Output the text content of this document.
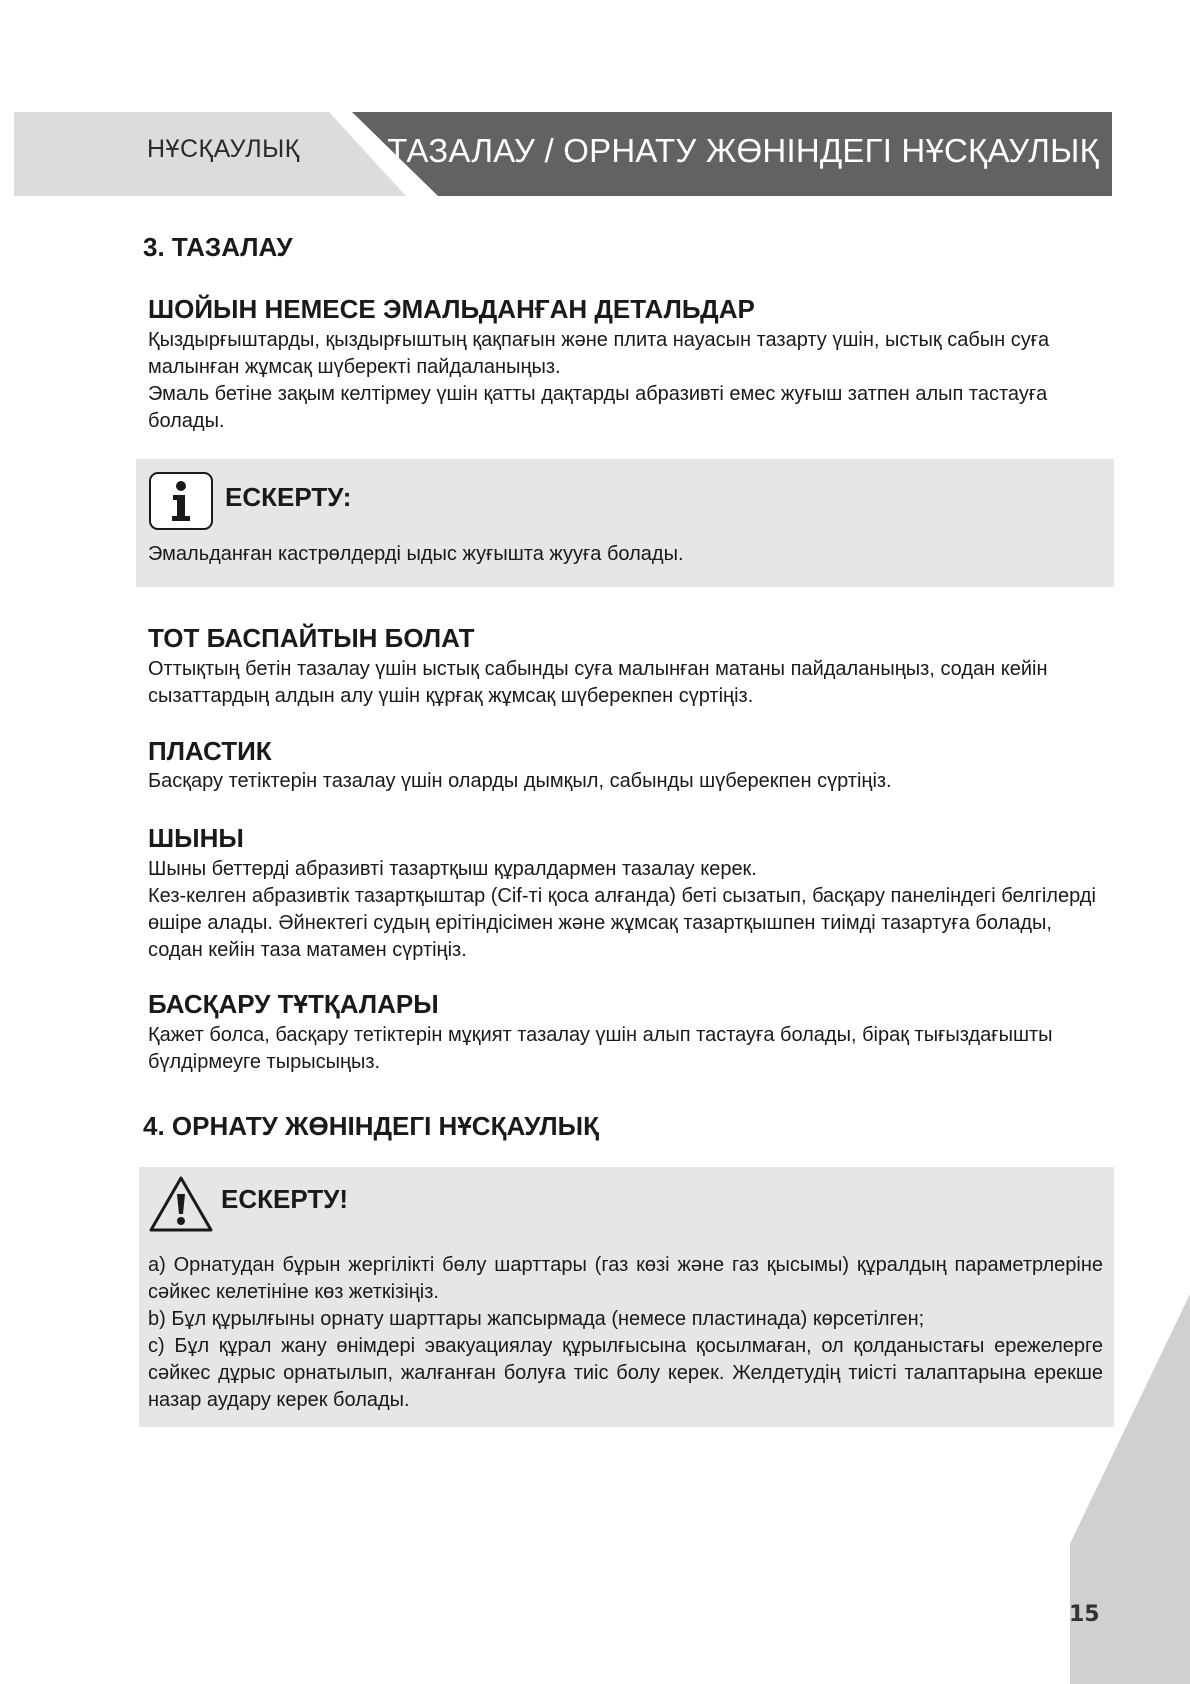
НҰСҚАУЛЫҚ	ТАЗАЛАУ / ОРНАТУ ЖӨНІНДЕГІ НҰСҚАУЛЫҚ
3. ТАЗАЛАУ
ШОЙЫН НЕМЕСЕ ЭМАЛЬДАНҒАН ДЕТАЛЬДАР
Қыздырғыштарды, қыздырғыштың қақпағын және плита науасын тазарту үшін, ыстық сабын суға малынған жұмсақ шүберекті пайдаланыңыз.
Эмаль бетіне зақым келтірмеу үшін қатты дақтарды абразивті емес жуғыш затпен алып тастауға болады.
ЕСКЕРТУ:
Эмальданған кастрөлдерді ыдыс жуғышта жууға болады.
ТОТ БАСПАЙТЫН БОЛАТ
Оттықтың бетін тазалау үшін ыстық сабынды суға малынған матаны пайдаланыңыз, содан кейін сызаттардың алдын алу үшін құрғақ жұмсақ шүберекпен сүртіңіз.
ПЛАСТИК
Басқару тетіктерін тазалау үшін оларды дымқыл, сабынды шүберекпен сүртіңіз.
ШЫНЫ
Шыны беттерді абразивті тазартқыш құралдармен тазалау керек.
Кез-келген абразивтік тазартқыштар (Cif-ті қоса алғанда) беті сызатып, басқару панеліндегі белгілерді өшіре алады. Әйнектегі судың ерітіндісімен және жұмсақ тазартқышпен тиімді тазартуға болады, содан кейін таза матамен сүртіңіз.
БАСҚАРУ ТҰТҚАЛАРЫ
Қажет болса, басқару тетіктерін мұқият тазалау үшін алып тастауға болады, бірақ тығыздағышты бүлдірмеуге тырысыңыз.
4. ОРНАТУ ЖӨНІНДЕГІ НҰСҚАУЛЫҚ
ЕСКЕРТУ!
a) Орнатудан бұрын жергілікті бөлу шарттары (газ көзі және газ қысымы) құралдың параметрлеріне сәйкес келетініне көз жеткізіңіз.
b) Бұл құрылғыны орнату шарттары жапсырмада (немесе пластинада) көрсетілген;
c) Бұл құрал жану өнімдері эвакуациялау құрылғысына қосылмаған, ол қолданыстағы ережелерге сәйкес дұрыс орнатылып, жалғанған болуға тиіс болу керек. Желдетудің тиісті талаптарына ерекше назар аудару керек болады.
15
